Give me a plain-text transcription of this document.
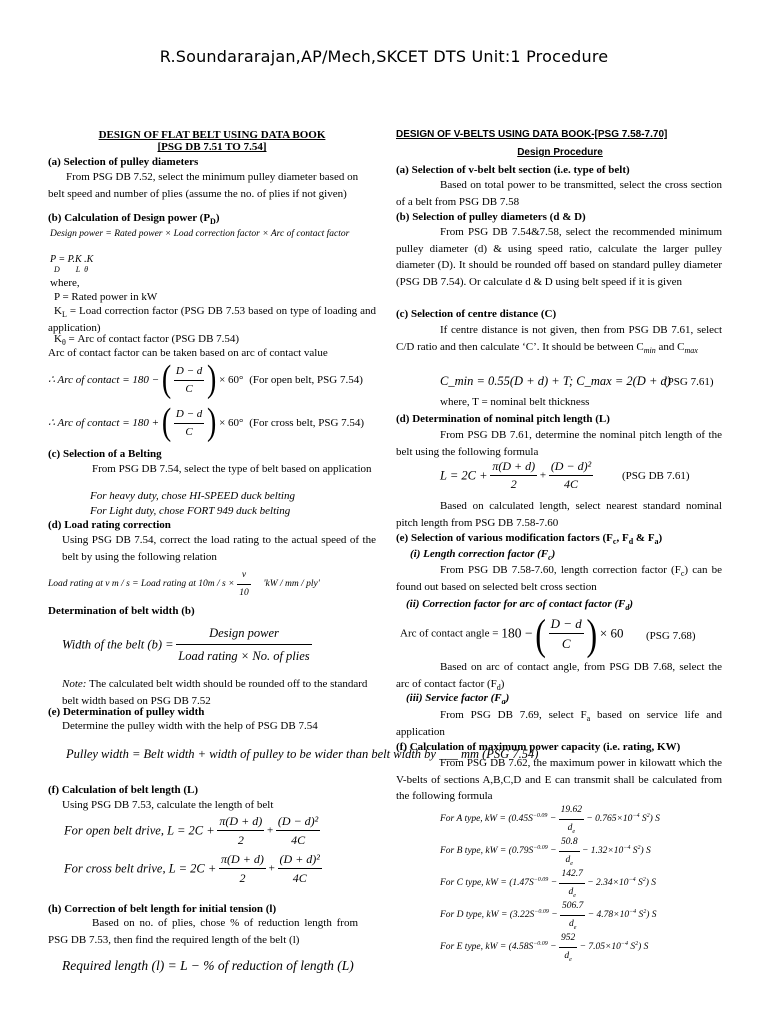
R.Soundararajan,AP/Mech,SKCET DTS Unit:1 Procedure
DESIGN OF FLAT BELT USING DATA BOOK
[PSG DB 7.51 TO 7.54]
(a) Selection of pulley diameters
From PSG DB 7.52, select the minimum pulley diameter based on belt speed and number of plies (assume the no. of plies if not given)
(b) Calculation of Design power $(P_D)$
Design power = Rated power × Load correction factor × Arc of contact factor
P = P.K .K
D        L  θ
where,
P = Rated power in kW
$K_L$ = Load correction factor (PSG DB 7.53 based on type of loading and application)
$K_\theta$ = Arc of contact factor (PSG DB 7.54)
Arc of contact factor can be taken based on arc of contact value
∴ Arc of contact = 180 − ( $\frac{D - d}{C}$ ) × 60° (For open belt, PSG 7.54)
∴ Arc of contact = 180 + ( $\frac{D - d}{C}$ ) × 60° (For cross belt, PSG 7.54)
(c) Selection of a Belting
From PSG DB 7.54, select the type of belt based on application
For heavy duty, chose HI-SPEED duck belting
For Light duty, chose FORT 949 duck belting
(d) Load rating correction
Using PSG DB 7.54, correct the load rating to the actual speed of the belt by using the following relation
Load rating at v m / s = Load rating at $10m / s \times \frac{v}{10}$ 'kW / mm / ply'
Determination of belt width (b)
Width of the belt $(b) = \frac{\text{Design power}}{\text{Load rating × No. of plies}}$
Note: The calculated belt width should be rounded off to the standard belt width based on PSG DB 7.52
(e) Determination of pulley width
Determine the pulley width with the help of PSG DB 7.54
Pulley width = Belt width + width of pulley to be wider than belt width by ___ mm (PSG 7.54)
(f) Calculation of belt length (L)
Using PSG DB 7.53, calculate the length of belt
For open belt drive, $L = 2C + \frac{\pi(D + d)}{2} + \frac{\text{(D − d)²}}{4C}$
For cross belt drive, $L = 2C + \frac{\pi(D + d)}{2} + \frac{\text{(D + d)²}}{4C}$
(h) Correction of belt length for initial tension (l)
Based on no. of plies, chose % of reduction length from PSG DB 7.53, then find the required length of the belt (l)
Required length (l) = L − % of reduction of length (L)
DESIGN OF V-BELTS USING DATA BOOK-[PSG 7.58-7.70]
Design Procedure
(a) Selection of v-belt belt section (i.e. type of belt)
Based on total power to be transmitted, select the cross section of a belt from PSG DB 7.58
(b) Selection of pulley diameters (d & D)
From PSG DB 7.54&7.58, select the recommended minimum pulley diameter (d) & using speed ratio, calculate the larger pulley diameter (D). It should be rounded off based on standard pulley diameter (PSG DB 7.54). Or calculate d & D using belt speed if it is given
(c) Selection of centre distance (C)
If centre distance is not given, then from PSG DB 7.61, select C/D ratio and then calculate ‘C’. It should be between $C_{min}$ and $C_{max}$
C_min = 0.55(D + d) + T; C_max = 2(D + d)
(PSG 7.61)
where, T = nominal belt thickness
(d) Determination of nominal pitch length (L)
From PSG DB 7.61, determine the nominal pitch length of the belt using the following formula
$L = 2C + \frac{\pi(D + d)}{2} + \frac{\text{(D − d)²}}{4C}$	(PSG DB 7.61)
Based on calculated length, select nearest standard nominal pitch length from PSG DB 7.58-7.60
(e) Selection of various modification factors ($F_c$, $F_d$ & $F_a$)
(i) Length correction factor $(F_c)$
From PSG DB 7.58-7.60, length correction factor $(F_c)$ can be found out based on selected belt cross section
(ii) Correction factor for arc of contact factor $(F_d)$
Arc of contact angle = 180 − ( $\frac{D - d}{C}$ ) × 60 (PSG 7.68)
Based on arc of contact angle, from PSG DB 7.68, select the arc of contact factor $(F_d)$
(iii) Service factor $(F_a)$
From PSG DB 7.69, select $F_a$ based on service life and application
(f) Calculation of maximum power capacity (i.e. rating, KW)
From PSG DB 7.62, the maximum power in kilowatt which the V-belts of sections A,B,C,D and E can transmit shall be calculated from the following formula
For A type, kW = ($0.45S^{-0.09} - \frac{19.62}{d_e} - 0.765\times 10^{-4}$ $S^2$) S
For B type, kW = ($0.79S^{-0.09} - \frac{50.8}{d_e} - 1.32\times 10^{-4}$ $S^2$) S
For C type, kW = ($1.47S^{-0.09} - \frac{142.7}{d_e} - 2.34\times 10^{-4}$ $S^2$) S
For D type, kW = ($3.22S^{-0.09} - \frac{506.7}{d_e} - 4.78\times 10^{-4}$ $S^2$) S
For E type, kW = ($4.58S^{-0.09} - \frac{952}{d_e} - 7.05\times 10^{-4}$ $S^2$) S
